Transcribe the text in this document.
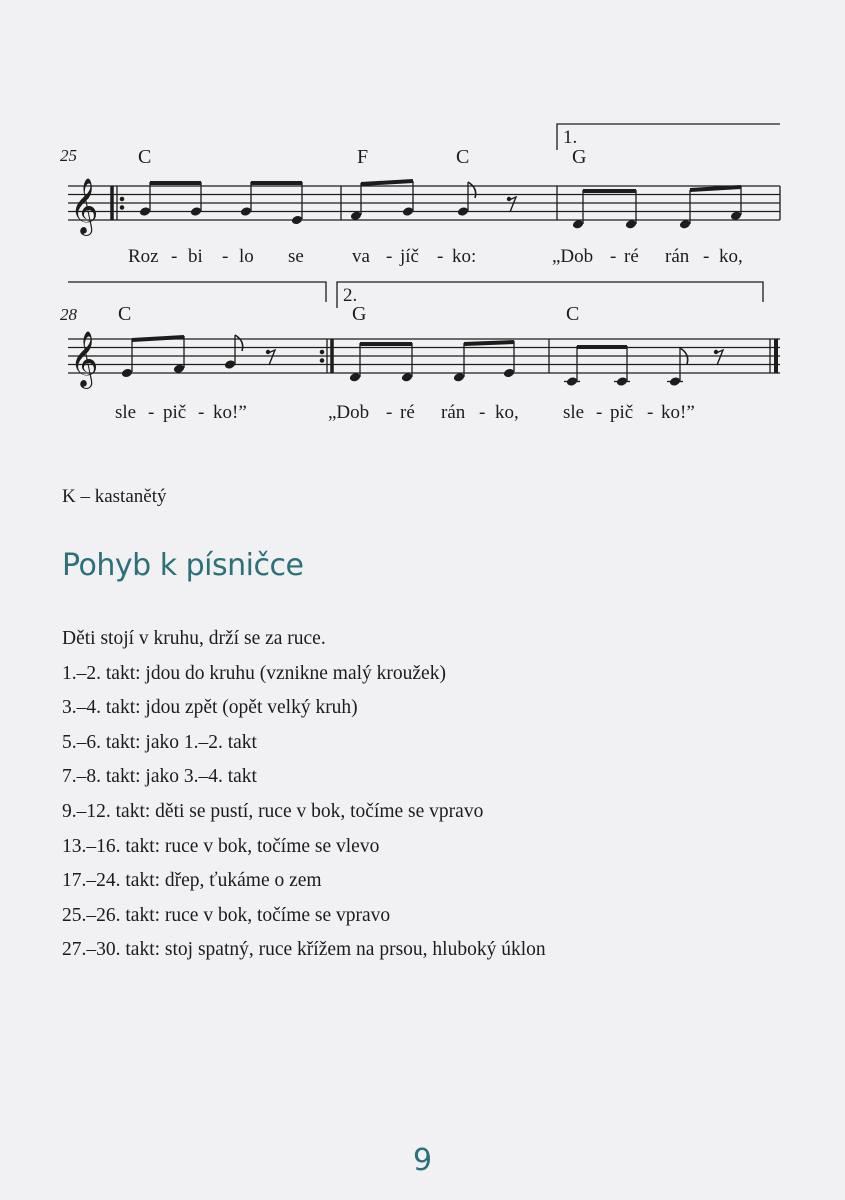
𝄞
25	C	F	C	G
1.
Roz - bi - lo se	va - jíč - ko:	„Dob - ré rán - ko,
𝄞
28 C	G	C
2.
sle - pič - ko!”	„Dob - ré rán - ko, sle - pič - ko!”
K – kastanětý
Pohyb k písničce
Děti stojí v kruhu, drží se za ruce.
1.–2. takt: jdou do kruhu (vznikne malý kroužek)
3.–4. takt: jdou zpět (opět velký kruh)
5.–6. takt: jako 1.–2. takt
7.–8. takt: jako 3.–4. takt
9.–12. takt: děti se pustí, ruce v bok, točíme se vpravo
13.–16. takt: ruce v bok, točíme se vlevo
17.–24. takt: dřep, ťukáme o zem
25.–26. takt: ruce v bok, točíme se vpravo
27.–30. takt: stoj spatný, ruce křížem na prsou, hluboký úklon
9
